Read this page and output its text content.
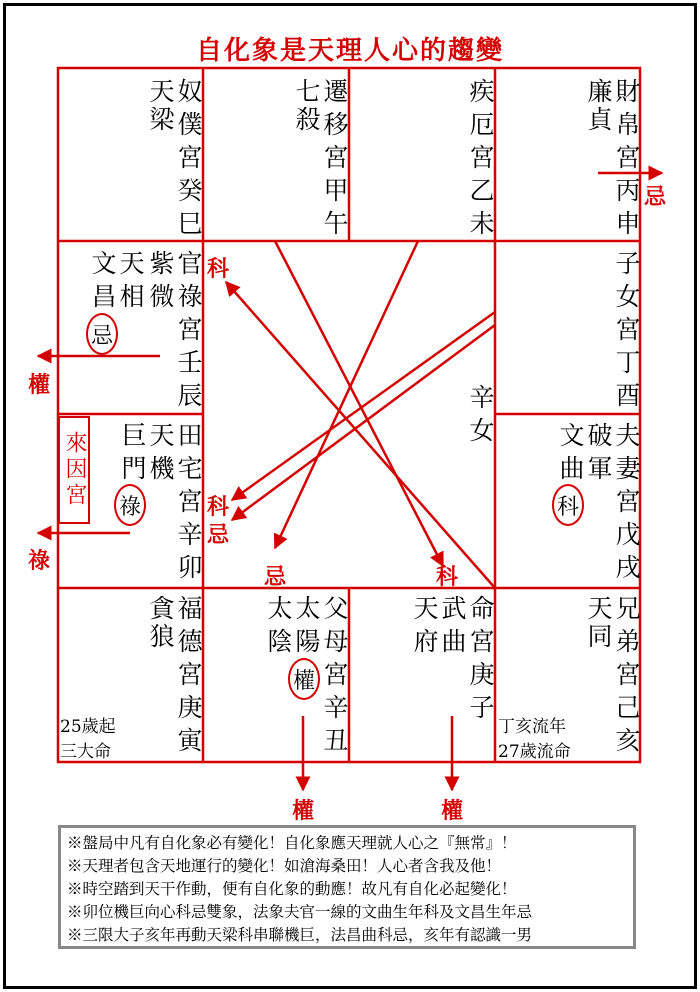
自化象是天理人心的趨變
奴僕宮癸巳
天
梁	遷移宮甲午
七
殺	疾厄宮乙未	財帛宮丙申
廉
貞
官祿宮壬辰
紫微
天相
文昌
忌
田宅宮辛卯
天機
巨門
祿
來因宮
福德宮庚寅
貪
狼
25歲起
三大命
子女宮丁酉
夫妻宮戊戌
破軍
文曲
科
兄弟宮己亥
天
同
丁亥流年
27歲流命
父母宮辛丑
太陽
太陰
權	命宮庚子
武曲
天府
辛女
權
祿
忌
權	權
科
科
忌
忌	科
※盤局中凡有自化象必有變化！自化象應天理就人心之『無常』！
※天理者包含天地運行的變化！如滄海桑田！人心者含我及他！
※時空踏到天干作動，便有自化象的動應！故凡有自化必起變化！
※卯位機巨向心科忌雙象，法象夫官一線的文曲生年科及文昌生年忌
※三限大子亥年再動天梁科串聯機巨，法昌曲科忌，亥年有認識一男
